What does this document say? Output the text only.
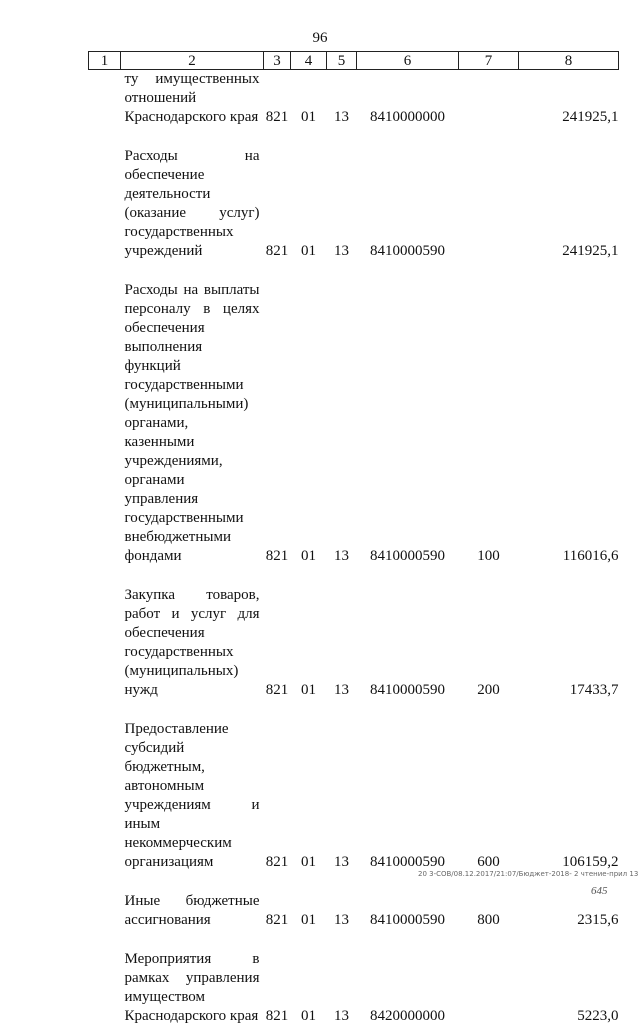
96
1	2	3	4	5	6	7	8
	ту имущественных отношений Краснодарского края	821	01	13	8410000000		241925,1

	Расходы на обеспечение деятельности (оказание услуг) государственных учреждений	821	01	13	8410000590		241925,1

	Расходы на выплаты персоналу в целях обеспечения выполнения функций государственными (муниципальными) органами, казенными учреждениями, органами управления государственными внебюджетными фондами	821	01	13	8410000590	100	116016,6

	Закупка товаров, работ и услуг для обеспечения государственных (муниципальных) нужд	821	01	13	8410000590	200	17433,7

	Предоставление субсидий бюджетным, автономным учреждениям и иным некоммерческим организациям	821	01	13	8410000590	600	106159,2

	Иные бюджетные ассигнования	821	01	13	8410000590	800	2315,6

	Мероприятия в рамках управления имуществом Краснодарского края	821	01	13	8420000000		5223,0
20 3-СОВ/08.12.2017/21:07/Бюджет-2018- 2 чтение-прил 13
645
